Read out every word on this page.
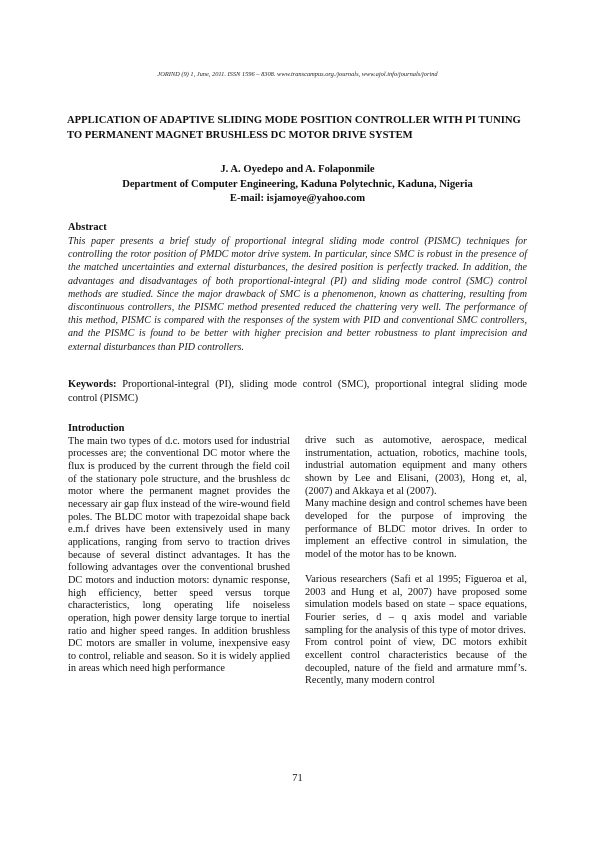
JORIND (9) 1, June, 2011. ISSN 1596 – 8308. www.transcampus.org./journals, www.ajol.info/journals/jorind
APPLICATION OF ADAPTIVE SLIDING MODE POSITION CONTROLLER WITH PI TUNING TO PERMANENT MAGNET BRUSHLESS DC MOTOR DRIVE SYSTEM
J. A. Oyedepo and A. Folaponmile
Department of Computer Engineering, Kaduna Polytechnic, Kaduna, Nigeria
E-mail: isjamoye@yahoo.com
Abstract
This paper presents a brief study of proportional integral sliding mode control (PISMC) techniques for controlling the rotor position of PMDC motor drive system. In particular, since SMC is robust in the presence of the matched uncertainties and external disturbances, the desired position is perfectly tracked. In addition, the advantages and disadvantages of both proportional-integral (PI) and sliding mode control (SMC) control methods are studied. Since the major drawback of SMC is a phenomenon, known as chattering, resulting from discontinuous controllers, the PISMC method presented reduced the chattering very well. The performance of this method, PISMC is compared with the responses of the system with PID and conventional SMC controllers, and the PISMC is found to be better with higher precision and better robustness to plant imprecision and external disturbances than PID controllers.
Keywords: Proportional-integral (PI), sliding mode control (SMC), proportional integral sliding mode control (PISMC)

Introduction

The main two types of d.c. motors used for industrial processes are; the conventional DC motor where the flux is produced by the current through the field coil of the stationary pole structure, and the brushless dc motor where the permanent magnet provides the necessary air gap flux instead of the wire-wound field poles. The BLDC motor with trapezoidal shape back e.m.f drives have been extensively used in many applications, ranging from servo to traction drives because of several distinct advantages. It has the following advantages over the conventional brushed DC motors and induction motors: dynamic response, high efficiency, better speed versus torque characteristics, long operating life noiseless operation, high power density large torque to inertial ratio and higher speed ranges. In addition brushless DC motors are smaller in volume, inexpensive easy to control, reliable and season. So it is widely applied in areas which need high performance

drive such as automotive, aerospace, medical instrumentation, actuation, robotics, machine tools, industrial automation equipment and many others shown by Lee and Elisani, (2003), Hong et, al, (2007) and Akkaya et al (2007).

Many machine design and control schemes have been developed for the purpose of improving the performance of BLDC motor drives. In order to implement an effective control in simulation, the model of the motor has to be known.

Various researchers (Safi et al 1995; Figueroa et al, 2003 and Hung et al, 2007) have proposed some simulation models based on state – space equations, Fourier series, d – q axis model and variable sampling for the analysis of this type of motor drives.

From control point of view, DC motors exhibit excellent control characteristics because of the decoupled, nature of the field and armature mmf’s. Recently, many modern control

71
